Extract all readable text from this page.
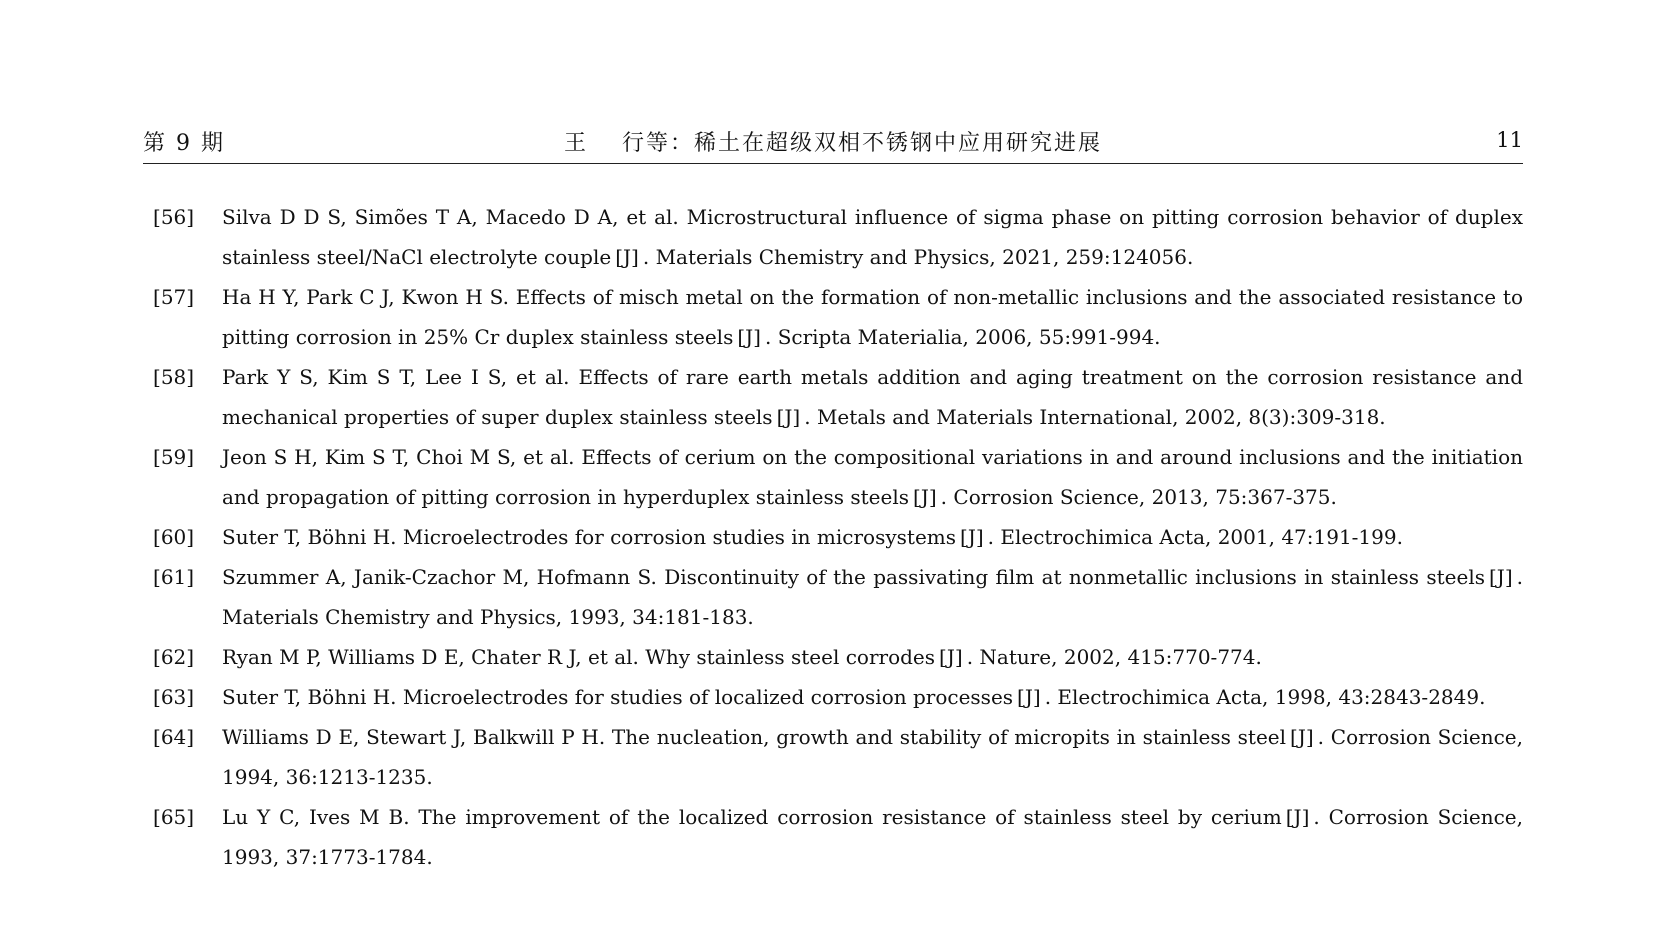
第 9 期	王 行等：稀土在超级双相不锈钢中应用研究进展	11
[ 56 ]	Silva D D S, Simões T A, Macedo D A, et al. Microstructural influence of sigma phase on pitting corrosion behavior of duplex stainless steel/NaCl electrolyte couple [ J ] . Materials Chemistry and Physics, 2021, 259:124056.
[ 57 ]	Ha H Y, Park C J, Kwon H S. Effects of misch metal on the formation of non-metallic inclusions and the associated resistance to pitting corrosion in 25% Cr duplex stainless steels [ J ] . Scripta Materialia, 2006, 55:991-994.
[ 58 ]	Park Y S, Kim S T, Lee I S, et al. Effects of rare earth metals addition and aging treatment on the corrosion resistance and mechanical properties of super duplex stainless steels [ J ] . Metals and Materials International, 2002, 8(3):309-318.
[ 59 ]	Jeon S H, Kim S T, Choi M S, et al. Effects of cerium on the compositional variations in and around inclusions and the initiation and propagation of pitting corrosion in hyperduplex stainless steels [ J ] . Corrosion Science, 2013, 75:367-375.
[ 60 ]	Suter T, Böhni H. Microelectrodes for corrosion studies in microsystems [ J ] . Electrochimica Acta, 2001, 47:191-199.
[ 61 ]	Szummer A, Janik-Czachor M, Hofmann S. Discontinuity of the passivating film at nonmetallic inclusions in stainless steels [ J ] . Materials Chemistry and Physics, 1993, 34:181-183.
[ 62 ]	Ryan M P, Williams D E, Chater R J, et al. Why stainless steel corrodes [ J ] . Nature, 2002, 415:770-774.
[ 63 ]	Suter T, Böhni H. Microelectrodes for studies of localized corrosion processes [ J ] . Electrochimica Acta, 1998, 43:2843-2849.
[ 64 ]	Williams D E, Stewart J, Balkwill P H. The nucleation, growth and stability of micropits in stainless steel [ J ] . Corrosion Science, 1994, 36:1213-1235.
[ 65 ]	Lu Y C, Ives M B. The improvement of the localized corrosion resistance of stainless steel by cerium [ J ] . Corrosion Science, 1993, 37:1773-1784.
